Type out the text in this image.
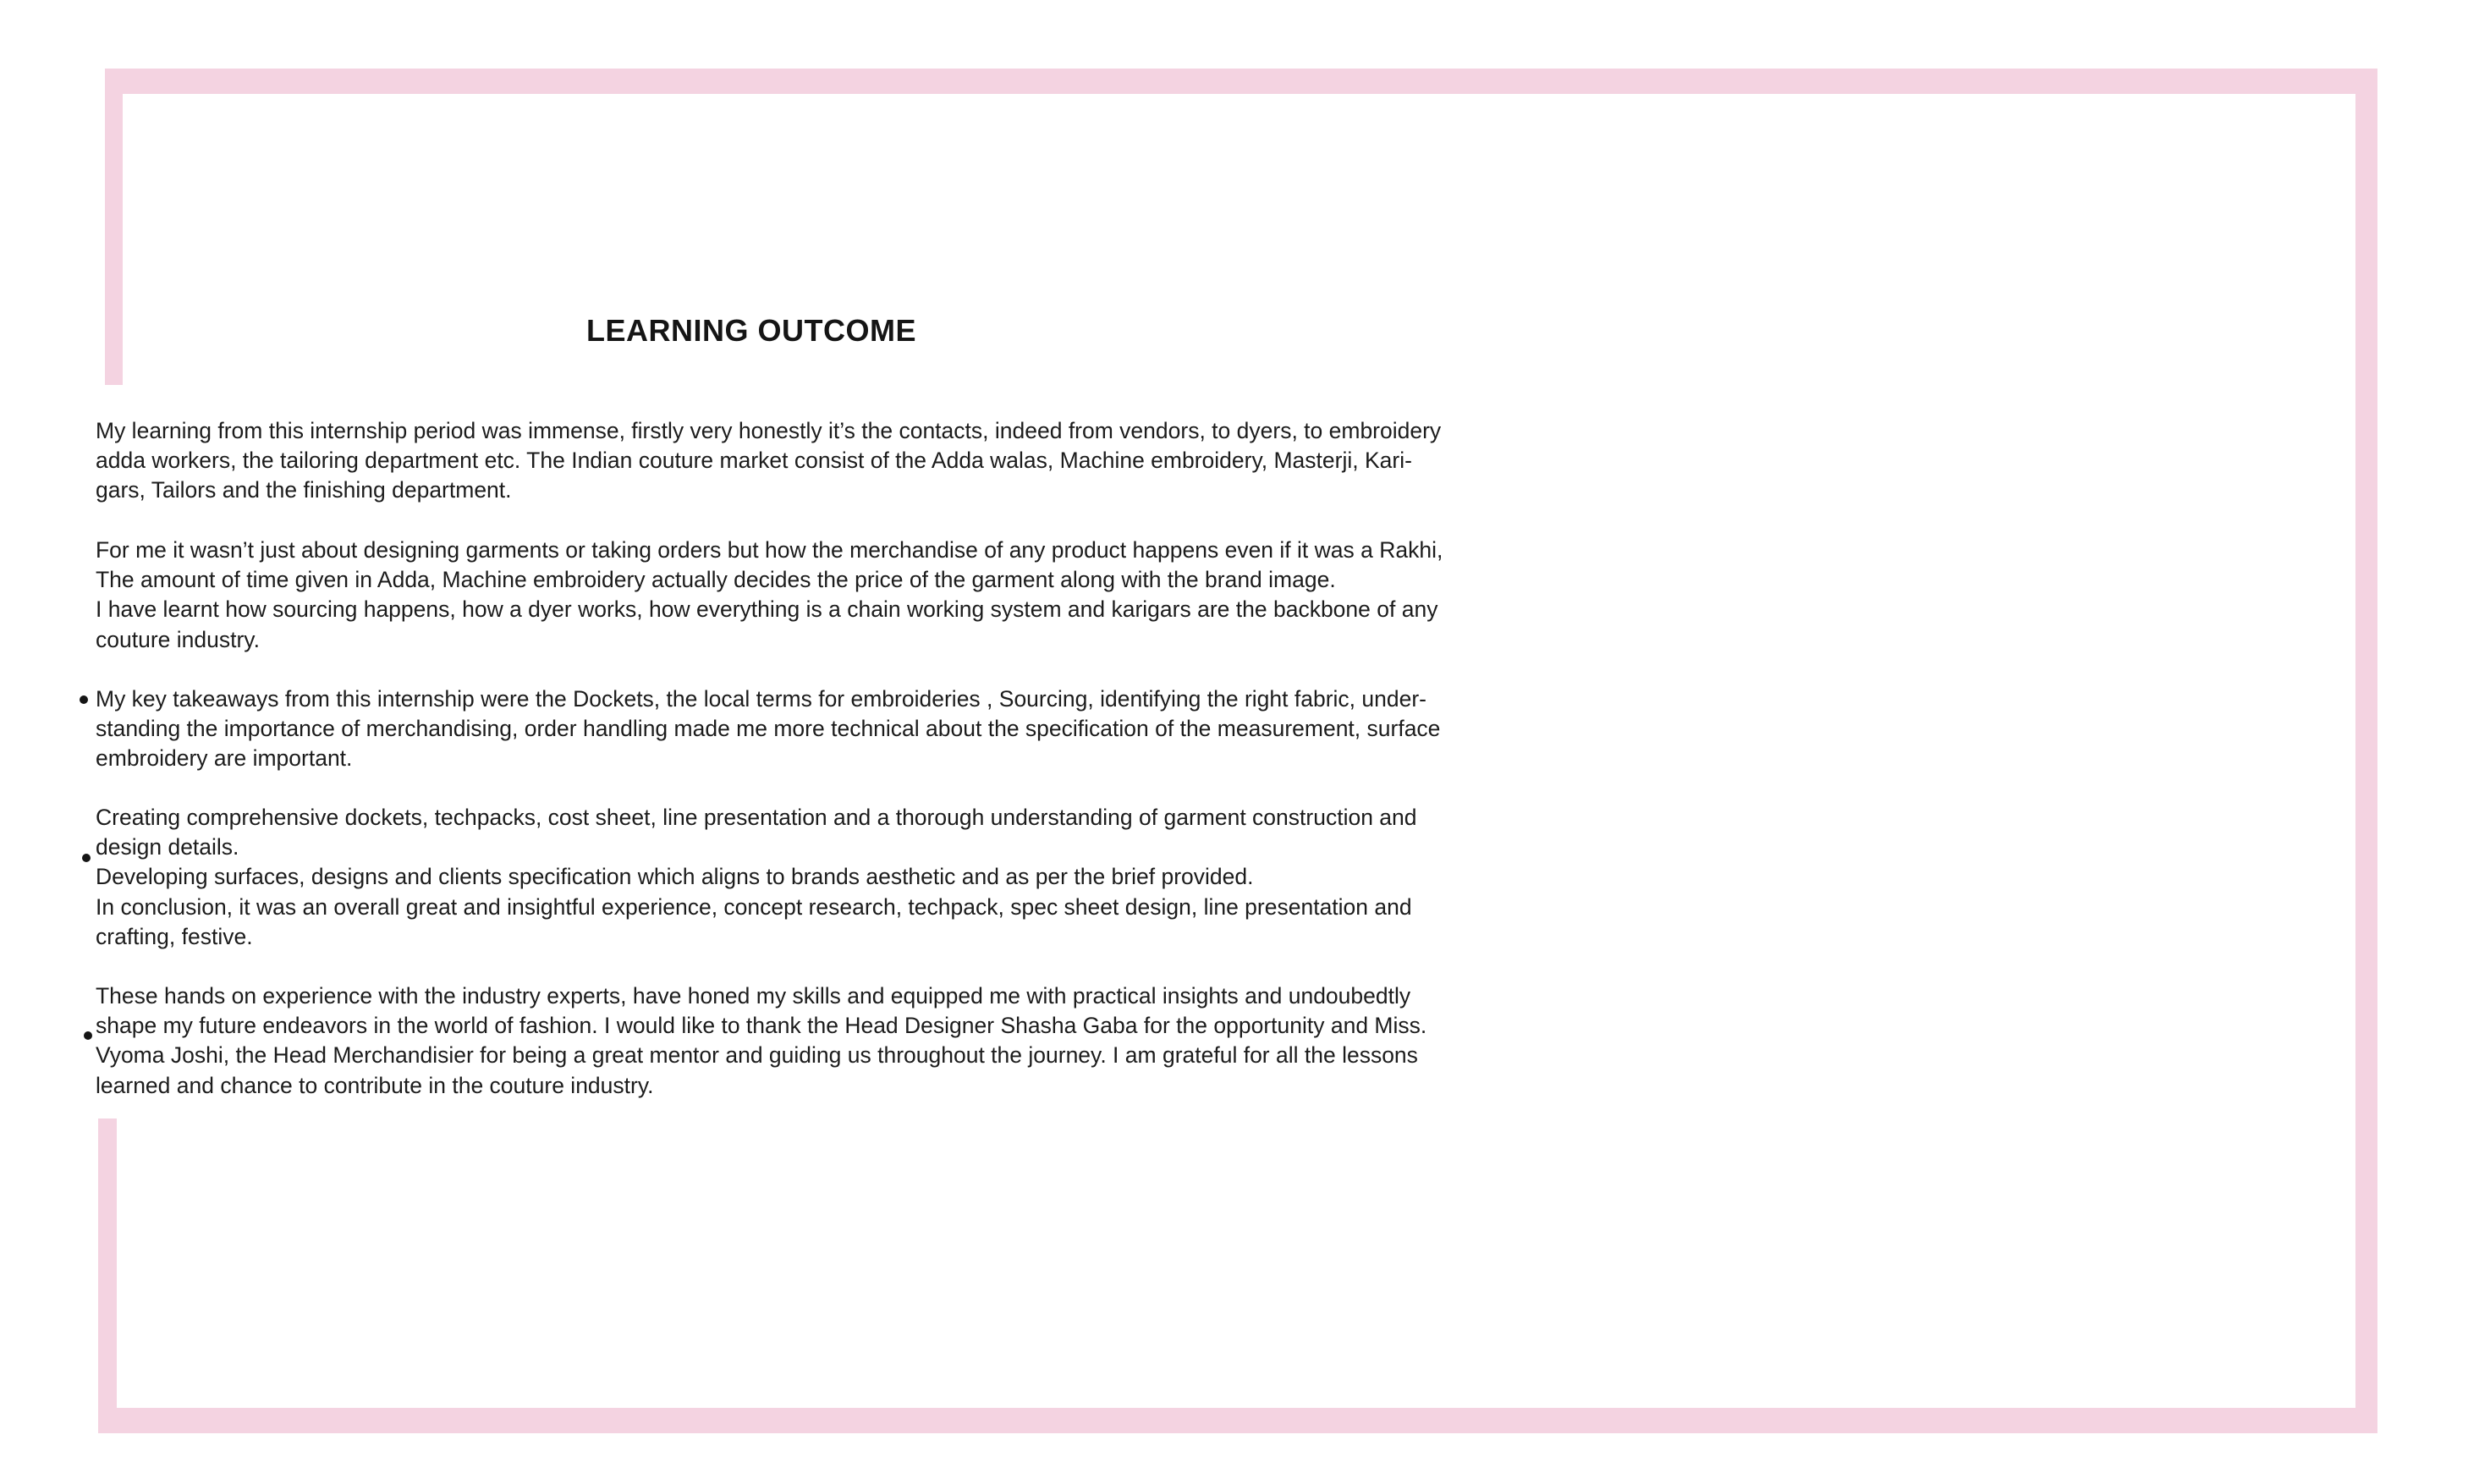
LEARNING OUTCOME

My learning from this internship period was immense, firstly very honestly it’s the contacts, indeed from vendors, to dyers, to embroidery
adda workers, the tailoring department etc. The Indian couture market consist of the Adda walas, Machine embroidery, Masterji, Kari-
gars, Tailors and the finishing department.

For me it wasn’t just about designing garments or taking orders but how the merchandise of any product happens even if it was a Rakhi,
The amount of time given in Adda, Machine embroidery actually decides the price of the garment along with the brand image.
I have learnt how sourcing happens, how a dyer works, how everything is a chain working system and karigars are the backbone of any
couture industry.

My key takeaways from this internship were the Dockets, the local terms for embroideries , Sourcing, identifying the right fabric, under-
standing the importance of merchandising, order handling made me more technical about the specification of the measurement, surface
embroidery are important.

Creating comprehensive dockets, techpacks, cost sheet, line presentation and a thorough understanding of garment construction and
design details.
Developing surfaces, designs and clients specification which aligns to brands aesthetic and as per the brief provided.
In conclusion, it was an overall great and insightful experience, concept research, techpack, spec sheet design, line presentation and
crafting, festive.

These hands on experience with the industry experts, have honed my skills and equipped me with practical insights and undoubedtly
shape my future endeavors in the world of fashion. I would like to thank the Head Designer Shasha Gaba for the opportunity and Miss.
Vyoma Joshi, the Head Merchandisier for being a great mentor and guiding us throughout the journey. I am grateful for all the lessons
learned and chance to contribute in the couture industry.
